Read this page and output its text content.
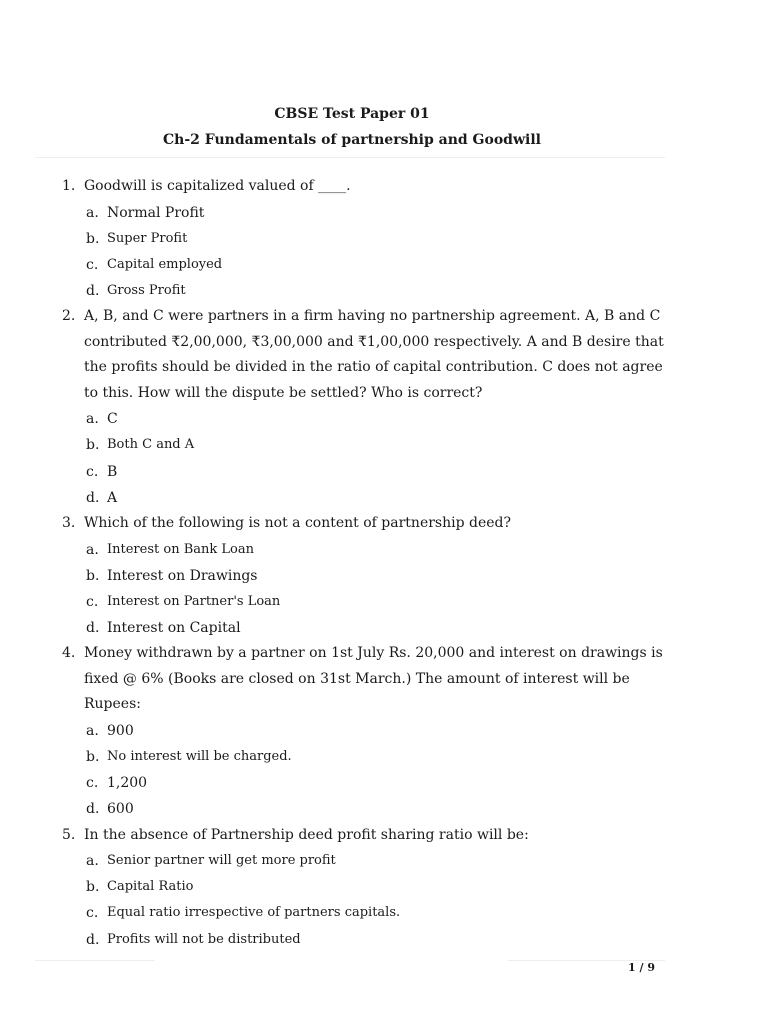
CBSE Test Paper 01
Ch-2 Fundamentals of partnership and Goodwill
1. Goodwill is capitalized valued of ____.
a. Normal Profit
b. Super Profit
c. Capital employed
d. Gross Profit
2. A, B, and C were partners in a firm having no partnership agreement. A, B and C contributed ₹2,00,000, ₹3,00,000 and ₹1,00,000 respectively. A and B desire that the profits should be divided in the ratio of capital contribution. C does not agree to this. How will the dispute be settled? Who is correct?
a. C
b. Both C and A
c. B
d. A
3. Which of the following is not a content of partnership deed?
a. Interest on Bank Loan
b. Interest on Drawings
c. Interest on Partner's Loan
d. Interest on Capital
4. Money withdrawn by a partner on 1st July Rs. 20,000 and interest on drawings is fixed @ 6% (Books are closed on 31st March.) The amount of interest will be Rupees:
a. 900
b. No interest will be charged.
c. 1,200
d. 600
5. In the absence of Partnership deed profit sharing ratio will be:
a. Senior partner will get more profit
b. Capital Ratio
c. Equal ratio irrespective of partners capitals.
d. Profits will not be distributed
1 / 9
